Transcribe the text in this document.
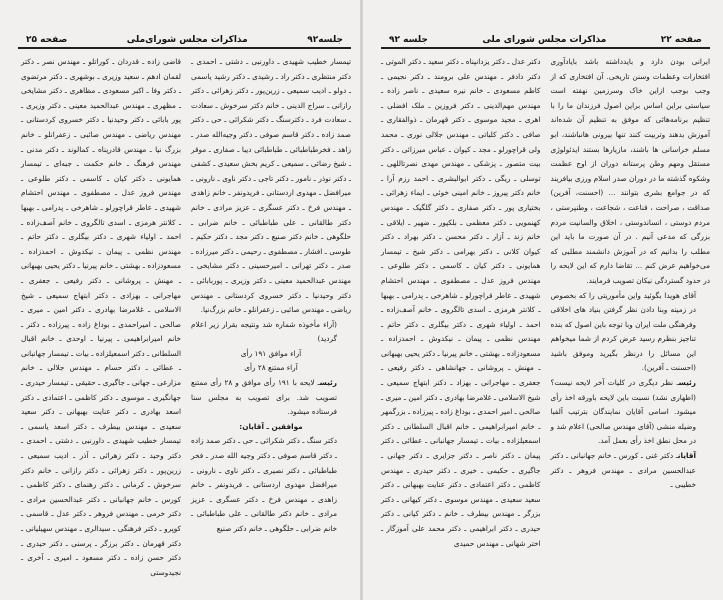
جلسه۹۲
مذاکرات مجلس شورای‌ملی
صفحه ۲۵

تیمسار خطیب شهیدی ـ داورنبی ـ دشتی ـ احمدی ـ دکتر منتظری ـ دکتر راد ـ رشیدی ـ دکتر رشید یاسمی ـ دولو ـ ادیب سمیعی ـ زرین‌پور ـ دکتر زهرائی ـ دکتر رازانی ـ سراج الدینی ـ خانم دکتر سرخوش ـ سعادت ـ سعادت فرد ـ دکترسنگ ـ دکتر شکرائی ـ حی ـ دکتر صمد زاده ـ دکتر قاسم صوفی ـ دکتر وجیه‌الله صدر ـ زاهد ـ فخرطباطبائی ـ طباطبائی دیبا ـ صفاری ـ موقر ـ شیخ رضائی ـ سمیعی ـ کریم بخش سعیدی ـ کشفی ـ دکتر نوذر ـ نامور ـ دکتر تاجی ـ دکتر ناوی ـ نارونی ـ میرافضل ـ مهدوی اردستانی ـ فریدونفر ـ خانم زاهدی ـ مهندس فرخ ـ دکتر عسگری ـ عزیز مرادی ـ خانم دکتر طالقانی ـ علی طباطبائی ـ خانم ضرابی ـ حلگوهی ـ خانم دکتر صنیع ـ دکتر مجد ـ دکتر حکیم ـ طوسی ـ افشار ـ مصطفوی ـ رحیمی ـ دکتر میرزاده ـ صدر ـ دکتر تهرانی ـ امیرحسینی ـ دکتر مشایخی ـ مهندس عبدالحمید معینی ـ دکتر وزیری ـ پوربابائی ـ دکتر وحیدنیا ـ دکتر خسروی کردستانی ـ مهندس ریاضی ـ مهندس صائبی ـ زعفرانلو ـ خانم بزرگ‌نیا.

(آراء مأخوذه شماره شد ونتیجه بقرار زیر اعلام گردید)

آراء موافق ۱۹۱ رأی

آراء ممتنع ۲۸ رأی

رئیسـ لایحه با ۱۹۱ رأی موافق و ۲۸ رأی ممتنع تصویب شد. برای تصویب به مجلس سنا فرستاده میشود.

موافقین ـ آقایان:

دکتر سنگ ـ دکتر شکرائی ـ حی ـ دکتر صمد زاده ـ دکتر قاسم صوفی ـ دکتر وجیه الله صدر ـ فخر طباطبائی ـ دکتر نصیری ـ دکتر ناوی ـ نارونی ـ میرافضل مهدوی اردستانی ـ فریدونفر ـ خانم زاهدی ـ مهندس فرخ ـ دکتر عسگری ـ عزیز مرادی ـ خانم دکتر طالقانی ـ علی طباطبائی ـ خانم ضرابی ـ حلگوهی ـ خانم دکتر صنیع

قاضی زاده ـ قدردان ـ کوراتلو ـ مهندس نصر ـ دکتر لقمان ادهم ـ سعید وزیری ـ بوشهری ـ دکتر مرتضوی ـ دکتر وفا ـ اکبر مسعودی ـ مظاهری ـ دکتر مشایخی ـ مظهری ـ مهندس عبدالحمید معینی ـ دکتر وزیری ـ پور بابائی ـ دکتر وحیدنیا ـ دکتر خسروی کردستانی ـ مهندس ریاضی ـ مهندس صائبی ـ زعفرانلو ـ خانم بزرگ نیا ـ مهندس قادرپناه ـ کمالوند ـ دکتر مدنی ـ مهندس فرهنگ ـ خانم حکمت ـ جبه‌ای ـ تیمسار همایونی ـ دکتر کیان ـ کاسمی ـ دکتر طلوعی ـ مهندس فروز عدل ـ مصطفوی ـ مهندس احتشام شهیدی ـ عاطر قراچورلو ـ شاهرخی ـ پدرامی ـ بهبها ـ کلانتر هرمزی ـ اسدی تالگروی ـ خانم آصف‌زاده ـ احمد ـ اولیاء شهری ـ دکتر بیگلری ـ دکتر حاتم ـ مهندس نظمی ـ پیمان ـ نیکدوش ـ احمدزاده ـ مسعودزاده ـ بهشتی ـ خانم پیرنیا ـ دکتر یحیی بهبهانی ـ مهنش ـ پروشانی ـ دکتر رفیعی ـ جعفری ـ مهاجرانی ـ بهزادی ـ دکتر ابتهاج سمیعی ـ شیخ الاسلامی ـ غلامرضا بهادری ـ دکتر امین ـ میری ـ صالحی ـ امیراحمدی ـ بوداغ زاده ـ پیرزاده ـ دکتر ـ خانم امیرابراهیمی ـ پیرنیا ـ اوحدی ـ خانم اقبال السلطانی ـ دکتر اسمعیلزاده ـ بیات ـ تیمسار جهانبانی ـ عطائی ـ دکتر حسام ـ مهندس جلالی ـ خانم مزارعی ـ جهانی ـ جاگیری ـ حقیقی ـ تیمسار حیدری ـ جهانگیری ـ موسوی ـ دکتر کاظمی ـ اعتمادی ـ دکتر اسعد بهادری ـ دکتر عنایت بهبهانی ـ دکتر سعید سعیدی ـ مهندس بیطرف ـ دکتر اسعد یاسمی ـ تیمسار خطیب شهیدی ـ داورنبی ـ دشتی ـ احمدی ـ دکتر وحید ـ دکتر زهرائی ـ آذر ـ ادیب سمیعی ـ زرین‌پور ـ دکتر زهرائی ـ دکتر رازانی ـ خانم دکتر سرخوش ـ کرمانی ـ دکتر رهنمای ـ دکتر کاظمی ـ کورس ـ خانم جهانبانی ـ دکتر عبدالحسین مرادی ـ دکتر خرمی ـ مهندس فروهر ـ دکتر عدل ـ قاسمی ـ کوپرو ـ دکتر فرهنگی ـ سیدالری ـ مهندس سهیلیانی ـ دکتر قهرمان ـ دکتر برزگر ـ پرسنی ـ دکتر حیدری ـ دکتر حسن زاده ـ دکتر مسعود ـ امیری ـ آخری ـ نجیدوستی

صفحه ۲۲
مذاکرات مجلس شورای ملی
جلسه ۹۲

ایرانی بودن دارد و بایدداشته باشد بایادآوری افتخارات وعظمات وسنن تاریخی. آن افتخاری که از وجب بوجب ازاین خاک وسرزمین نهفته است سیاستی براین اساس براین اصول فرزندان ما را با تنظیم برنامه‌هائی که موفق به تنظیم آن شده‌اند آموزش بدهند وتربیت کنند تنها بیرونی هانباشند، ابو مسلم خراسانی ها باشند، مازیارها بستند ایدئولوژی مستقل ومهم وطن پرستانه دوران از اوج عظمت وشکوه گذشته ما در دوران صدر اسلام ورزی بیافریند که در جوامع بشری بتوانند ... (احسنت، آفرین) صداقت ، صراحت ، قناعت ، شجاعت ، وطنپرستی ، مردم دوستی ، انساندوستی ، اخلاق والسانیت مردم بزرگی که مدعی آنیم . در آن صورت ما باید این مطلب را بدانیم که در آموزش دانشمند مطلبی که می‌خواهیم عرض کنم ... تقاضا دارم که این لایحه را در حدود گستردگی نیکان تصویب فرمایند.

آقای هویدا بگوئید واین مأموریتی را که بخصوص در زمینه وبنا دادن نظر گرفتن بنیاد های اخلاقی وفرهنگی ملت ایران وبا توجه باین اصول که بنده تناجیز بنظرم رسید عرض کردم از شما میخواهم این مسائل را درنظر بگیرید وموفق باشید (احسنت ـ آفرین).

رئیسـ نظر دیگری در کلیات آخر لایحه نیست؟ (اظهاری نشد) نسبت باین لایحه باورقه اخذ رأی میشود. اسامی آقایان نمایندگان بترتیب آلفبا وضیله منشی (آقای مهندس صالحی) اعلام شد و در محل نطق اخذ رأی بعمل آمد.

آقایانـ دکتر غنی ـ کورس ـ خانم جهانبانی ـ دکتر عبدالحسین مرادی ـ مهندس فروهر ـ دکتر خطیبی ـ

دکتر عدل ـ دکتر یزدانپناه ـ دکتر سعید ـ دکتر الموتی ـ دکتر دادفر ـ مهندس علی برومند ـ دکتر نجیمی ـ کاظم مسعودی ـ خانم نیره سعیدی ـ ناصر زاده ـ مهندس مهم‌الدینی ـ دکتر فروزین ـ ملک افضلی ـ اهری ـ مجید موسوی ـ دکتر قهرمان ـ ذوالفقاری ـ صافی ـ دکتر کلباتی ـ مهندس جلالی نوری ـ محمد ولی قراچورلو ـ مجد ـ کیوان ـ عباس میرزائی ـ دکتر بیت متصور ـ پزشکی ـ مهندس مهدی نصرتاللهی ـ توسلی ـ ریگی ـ دکتر ابوالبشری ـ احمد رزم آرا ـ خانم دکتر پیروز ـ خانم امینی خوئی ـ ایماء زهرائی ـ بختیاری پور ـ دکتر صفاری ـ دکتر گلگیک ـ مهندس کهنمویی ـ دکتر معظمی ـ بلکپور ـ ضهیر ـ ایلاقی ـ خانم زند ـ آزار ـ دکتر محسن ـ دکتر بهراد ـ دکتر کیوان کلانی ـ دکتر بهرامی ـ دکتر شیخ ـ تیمسار همایونی ـ دکتر کیان ـ کاسمی ـ دکتر طلوعی ـ مهندس فروز عدل ـ مصطفوی ـ مهندس احتشام شهیدی ـ عاطر قراچورلو ـ شاهرخی ـ پدرامی ـ بهبها ـ کلانتر هرمزی ـ اسدی تالگروی ـ خانم آصف‌زاده ـ احمد ـ اولیاء شهری ـ دکتر بیگلری ـ دکتر حاتم ـ مهندس نظمی ـ پیمان ـ نیکدوش ـ احمدزاده ـ مسعودزاده ـ بهشتی ـ خانم پیرنیا ـ دکتر یحیی بهبهانی ـ مهنش ـ پروشانی ـ جهانشاهی ـ دکتر رفیعی ـ جعفری ـ مهاجرانی ـ بهزاد ـ دکتر ابتهاج سمیعی ـ شیخ الاسلامی ـ غلامرضا بهادری ـ دکتر امین ـ میری ـ صالحی ـ امیر احمدی ـ بوداغ زاده ـ پیرزاده ـ بزرگمهر ـ خانم امیرابراهیمی ـ خانم اقبال السلطانی ـ دکتر اسمعیلزاده ـ بیات ـ تیمسار جهانبانی ـ عطائی ـ دکتر پیمان ـ دکتر ناصر ـ دکتر جزایری ـ دکتر جهانی ـ جاگیری ـ حکیمی ـ خیری ـ دکتر حیدری ـ مهندس کاظمی ـ دکتر اعتمادی ـ دکتر عنایت بهبهانی ـ دکتر سعید سعیدی ـ مهندس موسوی ـ دکتر کیهانی ـ دکتر بزرگر ـ مهندس بیطرف ـ خانم ـ دکتر کیانی ـ دکتر حیدری ـ دکتر ابراهیمی ـ دکتر محمد علی آموزگار ـ اختر شهانی ـ مهندس حمیدی
